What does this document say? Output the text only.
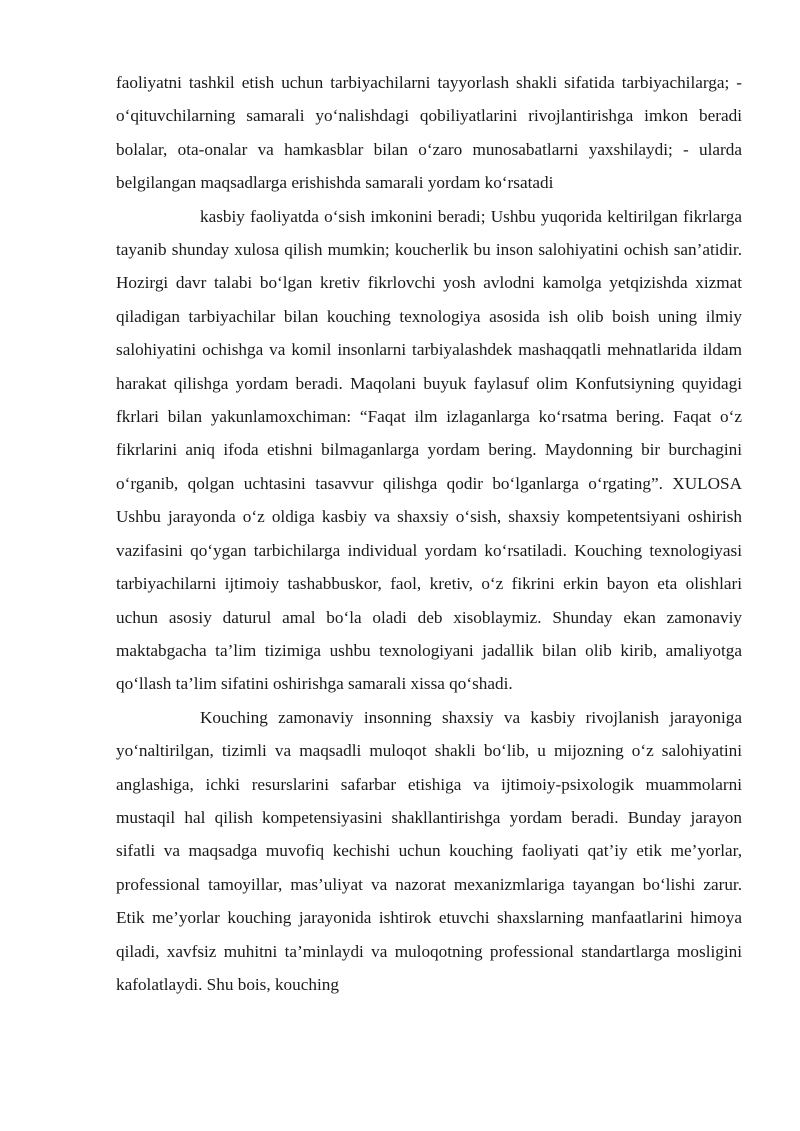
faoliyatni tashkil etish uchun tarbiyachilarni tayyorlash shakli sifatida tarbiyachilarga; - o‘qituvchilarning samarali yo‘nalishdagi qobiliyatlarini rivojlantirishga imkon beradi bolalar, ota-onalar va hamkasblar bilan o‘zaro munosabatlarni yaxshilaydi; - ularda belgilangan maqsadlarga erishishda samarali yordam ko‘rsatadi

kasbiy faoliyatda o‘sish imkonini beradi; Ushbu yuqorida keltirilgan fikrlarga tayanib shunday xulosa qilish mumkin; koucherlik bu inson salohiyatini ochish san’atidir. Hozirgi davr talabi bo‘lgan kretiv fikrlovchi yosh avlodni kamolga yetqizishda xizmat qiladigan tarbiyachilar bilan kouching texnologiya asosida ish olib boish uning ilmiy salohiyatini ochishga va komil insonlarni tarbiyalashdek mashaqqatli mehnatlarida ildam harakat qilishga yordam beradi. Maqolani buyuk faylasuf olim Konfutsiyning quyidagi fkrlari bilan yakunlamoxchiman: “Faqat ilm izlaganlarga ko‘rsatma bering. Faqat o‘z fikrlarini aniq ifoda etishni bilmaganlarga yordam bering. Maydonning bir burchagini o‘rganib, qolgan uchtasini tasavvur qilishga qodir bo‘lganlarga o‘rgating”. XULOSA Ushbu jarayonda o‘z oldiga kasbiy va shaxsiy o‘sish, shaxsiy kompetentsiyani oshirish vazifasini qo‘ygan tarbichilarga individual yordam ko‘rsatiladi. Kouching texnologiyasi tarbiyachilarni ijtimoiy tashabbuskor, faol, kretiv, o‘z fikrini erkin bayon eta olishlari uchun asosiy daturul amal bo‘la oladi deb xisoblaymiz. Shunday ekan zamonaviy maktabgacha ta’lim tizimiga ushbu texnologiyani jadallik bilan olib kirib, amaliyotga qo‘llash ta’lim sifatini oshirishga samarali xissa qo‘shadi.

Kouching zamonaviy insonning shaxsiy va kasbiy rivojlanish jarayoniga yo‘naltirilgan, tizimli va maqsadli muloqot shakli bo‘lib, u mijozning o‘z salohiyatini anglashiga, ichki resurslarini safarbar etishiga va ijtimoiy-psixologik muammolarni mustaqil hal qilish kompetensiyasini shakllantirishga yordam beradi. Bunday jarayon sifatli va maqsadga muvofiq kechishi uchun kouching faoliyati qat’iy etik me’yorlar, professional tamoyillar, mas’uliyat va nazorat mexanizmlariga tayangan bo‘lishi zarur. Etik me’yorlar kouching jarayonida ishtirok etuvchi shaxslarning manfaatlarini himoya qiladi, xavfsiz muhitni ta’minlaydi va muloqotning professional standartlarga mosligini kafolatlaydi. Shu bois, kouching
